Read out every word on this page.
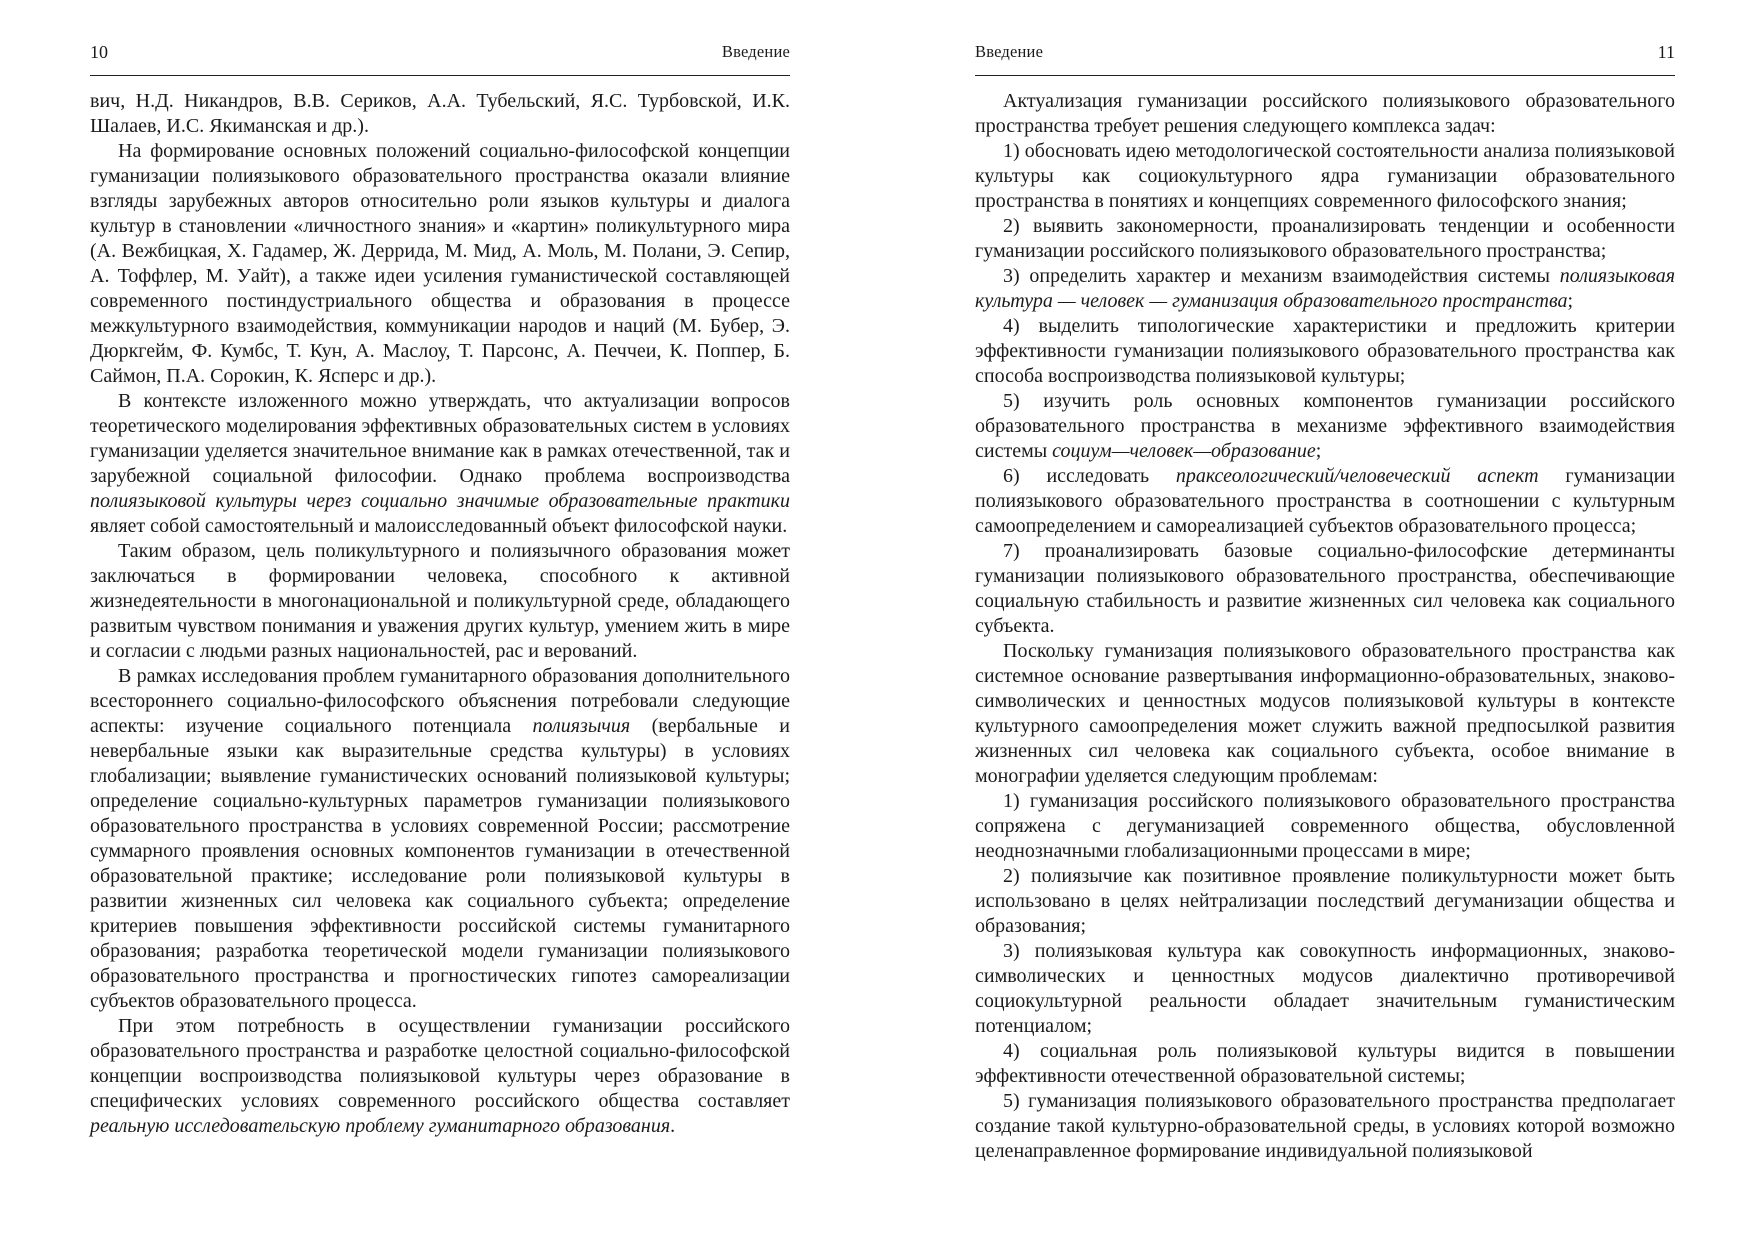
10	Введение

вич, Н.Д. Никандров, В.В. Сериков, А.А. Тубельский, Я.С. Турбовской, И.К. Шалаев, И.С. Якиманская и др.).

На формирование основных положений социально-философской концепции гуманизации полиязыкового образовательного пространства оказали влияние взгляды зарубежных авторов относительно роли языков культуры и диалога культур в становлении «личностного знания» и «картин» поликультурного мира (А. Вежбицкая, Х. Гадамер, Ж. Деррида, М. Мид, А. Моль, М. Полани, Э. Сепир, А. Тоффлер, М. Уайт), а также идеи усиления гуманистической составляющей современного постиндустриального общества и образования в процессе межкультурного взаимодействия, коммуникации народов и наций (М. Бубер, Э. Дюркгейм, Ф. Кумбс, Т. Кун, А. Маслоу, Т. Парсонс, А. Печчеи, К. Поппер, Б. Саймон, П.А. Сорокин, К. Ясперс и др.).

В контексте изложенного можно утверждать, что актуализации вопросов теоретического моделирования эффективных образовательных систем в условиях гуманизации уделяется значительное внимание как в рамках отечественной, так и зарубежной социальной философии. Однако проблема воспроизводства полиязыковой культуры через социально значимые образовательные практики являет собой самостоятельный и малоисследованный объект философской науки.

Таким образом, цель поликультурного и полиязычного образования может заключаться в формировании человека, способного к активной жизнедеятельности в многонациональной и поликультурной среде, обладающего развитым чувством понимания и уважения других культур, умением жить в мире и согласии с людьми разных национальностей, рас и верований.

В рамках исследования проблем гуманитарного образования дополнительного всестороннего социально-философского объяснения потребовали следующие аспекты: изучение социального потенциала полиязычия (вербальные и невербальные языки как выразительные средства культуры) в условиях глобализации; выявление гуманистических оснований полиязыковой культуры; определение социально-культурных параметров гуманизации полиязыкового образовательного пространства в условиях современной России; рассмотрение суммарного проявления основных компонентов гуманизации в отечественной образовательной практике; исследование роли полиязыковой культуры в развитии жизненных сил человека как социального субъекта; определение критериев повышения эффективности российской системы гуманитарного образования; разработка теоретической модели гуманизации полиязыкового образовательного пространства и прогностических гипотез самореализации субъектов образовательного процесса.

При этом потребность в осуществлении гуманизации российского образовательного пространства и разработке целостной социально-философской концепции воспроизводства полиязыковой культуры через образование в специфических условиях современного российского общества составляет реальную исследовательскую проблему гуманитарного образования.

Введение	11

Актуализация гуманизации российского полиязыкового образовательного пространства требует решения следующего комплекса задач:

1) обосновать идею методологической состоятельности анализа полиязыковой культуры как социокультурного ядра гуманизации образовательного пространства в понятиях и концепциях современного философского знания;

2) выявить закономерности, проанализировать тенденции и особенности гуманизации российского полиязыкового образовательного пространства;

3) определить характер и механизм взаимодействия системы полиязыковая культура — человек — гуманизация образовательного пространства;

4) выделить типологические характеристики и предложить критерии эффективности гуманизации полиязыкового образовательного пространства как способа воспроизводства полиязыковой культуры;

5) изучить роль основных компонентов гуманизации российского образовательного пространства в механизме эффективного взаимодействия системы социум—человек—образование;

6) исследовать праксеологический/человеческий аспект гуманизации полиязыкового образовательного пространства в соотношении с культурным самоопределением и самореализацией субъектов образовательного процесса;

7) проанализировать базовые социально-философские детерминанты гуманизации полиязыкового образовательного пространства, обеспечивающие социальную стабильность и развитие жизненных сил человека как социального субъекта.

Поскольку гуманизация полиязыкового образовательного пространства как системное основание развертывания информационно-образовательных, знаково-символических и ценностных модусов полиязыковой культуры в контексте культурного самоопределения может служить важной предпосылкой развития жизненных сил человека как социального субъекта, особое внимание в монографии уделяется следующим проблемам:

1) гуманизация российского полиязыкового образовательного пространства сопряжена с дегуманизацией современного общества, обусловленной неоднозначными глобализационными процессами в мире;

2) полиязычие как позитивное проявление поликультурности может быть использовано в целях нейтрализации последствий дегуманизации общества и образования;

3) полиязыковая культура как совокупность информационных, знаково-символических и ценностных модусов диалектично противоречивой социокультурной реальности обладает значительным гуманистическим потенциалом;

4) социальная роль полиязыковой культуры видится в повышении эффективности отечественной образовательной системы;

5) гуманизация полиязыкового образовательного пространства предполагает создание такой культурно-образовательной среды, в условиях которой возможно целенаправленное формирование индивидуальной полиязыковой
